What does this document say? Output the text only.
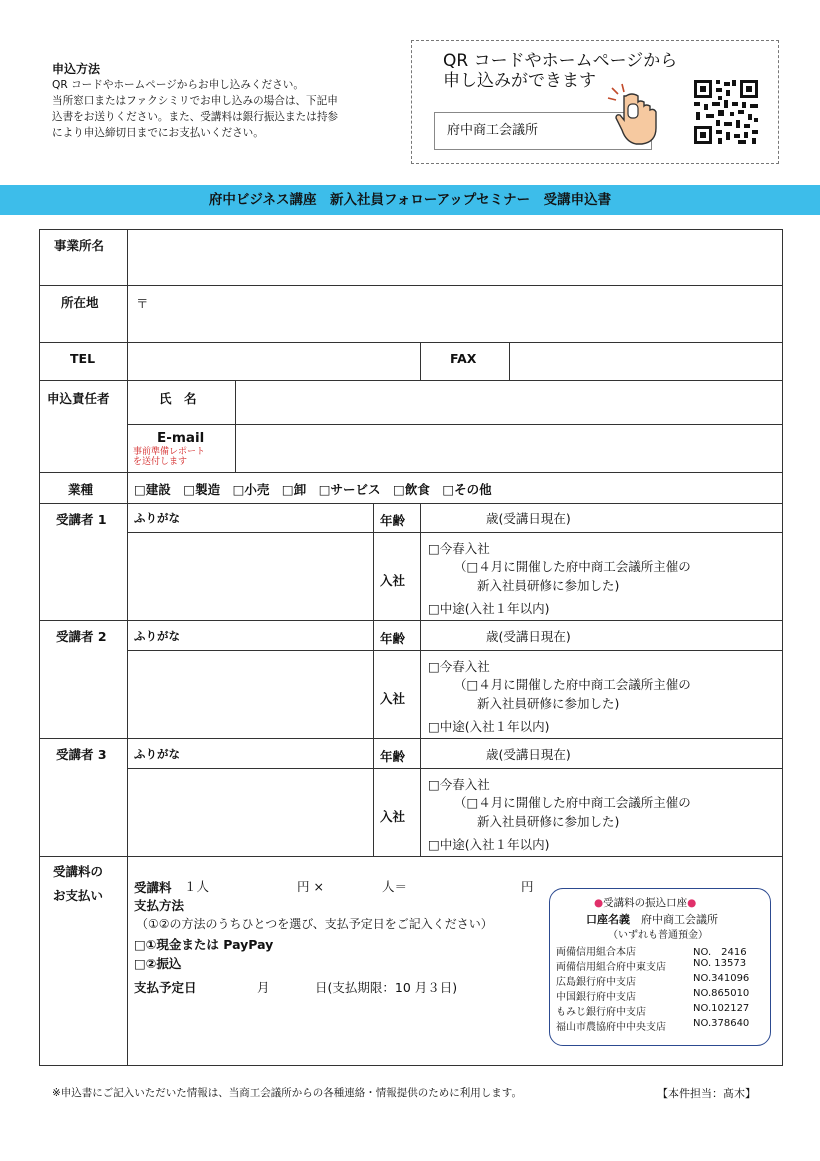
申込方法
QR コードやホームページからお申し込みください。
当所窓口またはファクシミリでお申し込みの場合は、下記申
込書をお送りください。また、受講料は銀行振込または持参
により申込締切日までにお支払いください。
QR コードやホームページから
申し込みができます
府中商工会議所
府中ビジネス講座　新入社員フォローアップセミナー　受講申込書
事業所名
所在地	〒
TEL	FAX
申込責任者	氏　名
E-mail
事前準備レポート
を送付します
業種	□建設　□製造　□小売　□卸　□サービス　□飲食　□その他
受講者 1 ふりがな	年齢	歳(受講日現在)
入社
□今春入社
（□４月に開催した府中商工会議所主催の
新入社員研修に参加した)
□中途(入社１年以内)
受講者 2 ふりがな	年齢	歳(受講日現在)
入社
□今春入社
（□４月に開催した府中商工会議所主催の
新入社員研修に参加した)
□中途(入社１年以内)
受講者 3 ふりがな	年齢	歳(受講日現在)
入社
□今春入社
（□４月に開催した府中商工会議所主催の
新入社員研修に参加した)
□中途(入社１年以内)
受講料の
お支払い
受講料 １人	円 ×	人＝	円
支払方法
（①②の方法のうちひとつを選び、支払予定日をご記入ください）
□①現金または PayPay
□②振込
支払予定日	月	日(支払期限：10 月３日)
●受講料の振込口座●
口座名義　 府中商工会議所
（いずれも普通預金）
両備信用組合本店	NO.　2416
両備信用組合府中東支店	NO. 13573
広島銀行府中支店	NO.341096
中国銀行府中支店	NO.865010
もみじ銀行府中支店	NO.102127
福山市農協府中中央支店	NO.378640
※申込書にご記入いただいた情報は、当商工会議所からの各種連絡・情報提供のために利用します。	【本件担当：髙木】
